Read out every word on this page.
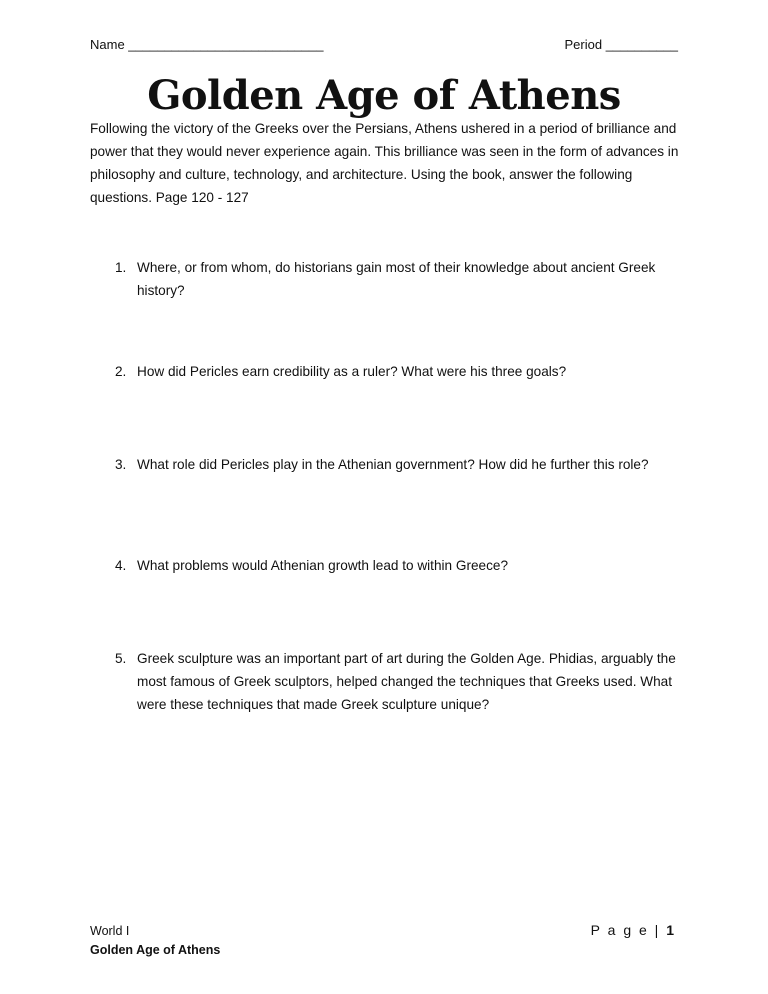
Name ___________________________	Period __________
Golden Age of Athens
Following the victory of the Greeks over the Persians, Athens ushered in a period of brilliance and power that they would never experience again. This brilliance was seen in the form of advances in philosophy and culture, technology, and architecture. Using the book, answer the following questions. Page 120 - 127
1. Where, or from whom, do historians gain most of their knowledge about ancient Greek history?
2. How did Pericles earn credibility as a ruler? What were his three goals?
3. What role did Pericles play in the Athenian government? How did he further this role?
4. What problems would Athenian growth lead to within Greece?
5. Greek sculpture was an important part of art during the Golden Age. Phidias, arguably the most famous of Greek sculptors, helped changed the techniques that Greeks used. What were these techniques that made Greek sculpture unique?
World I
Golden Age of Athens
P a g e | 1
